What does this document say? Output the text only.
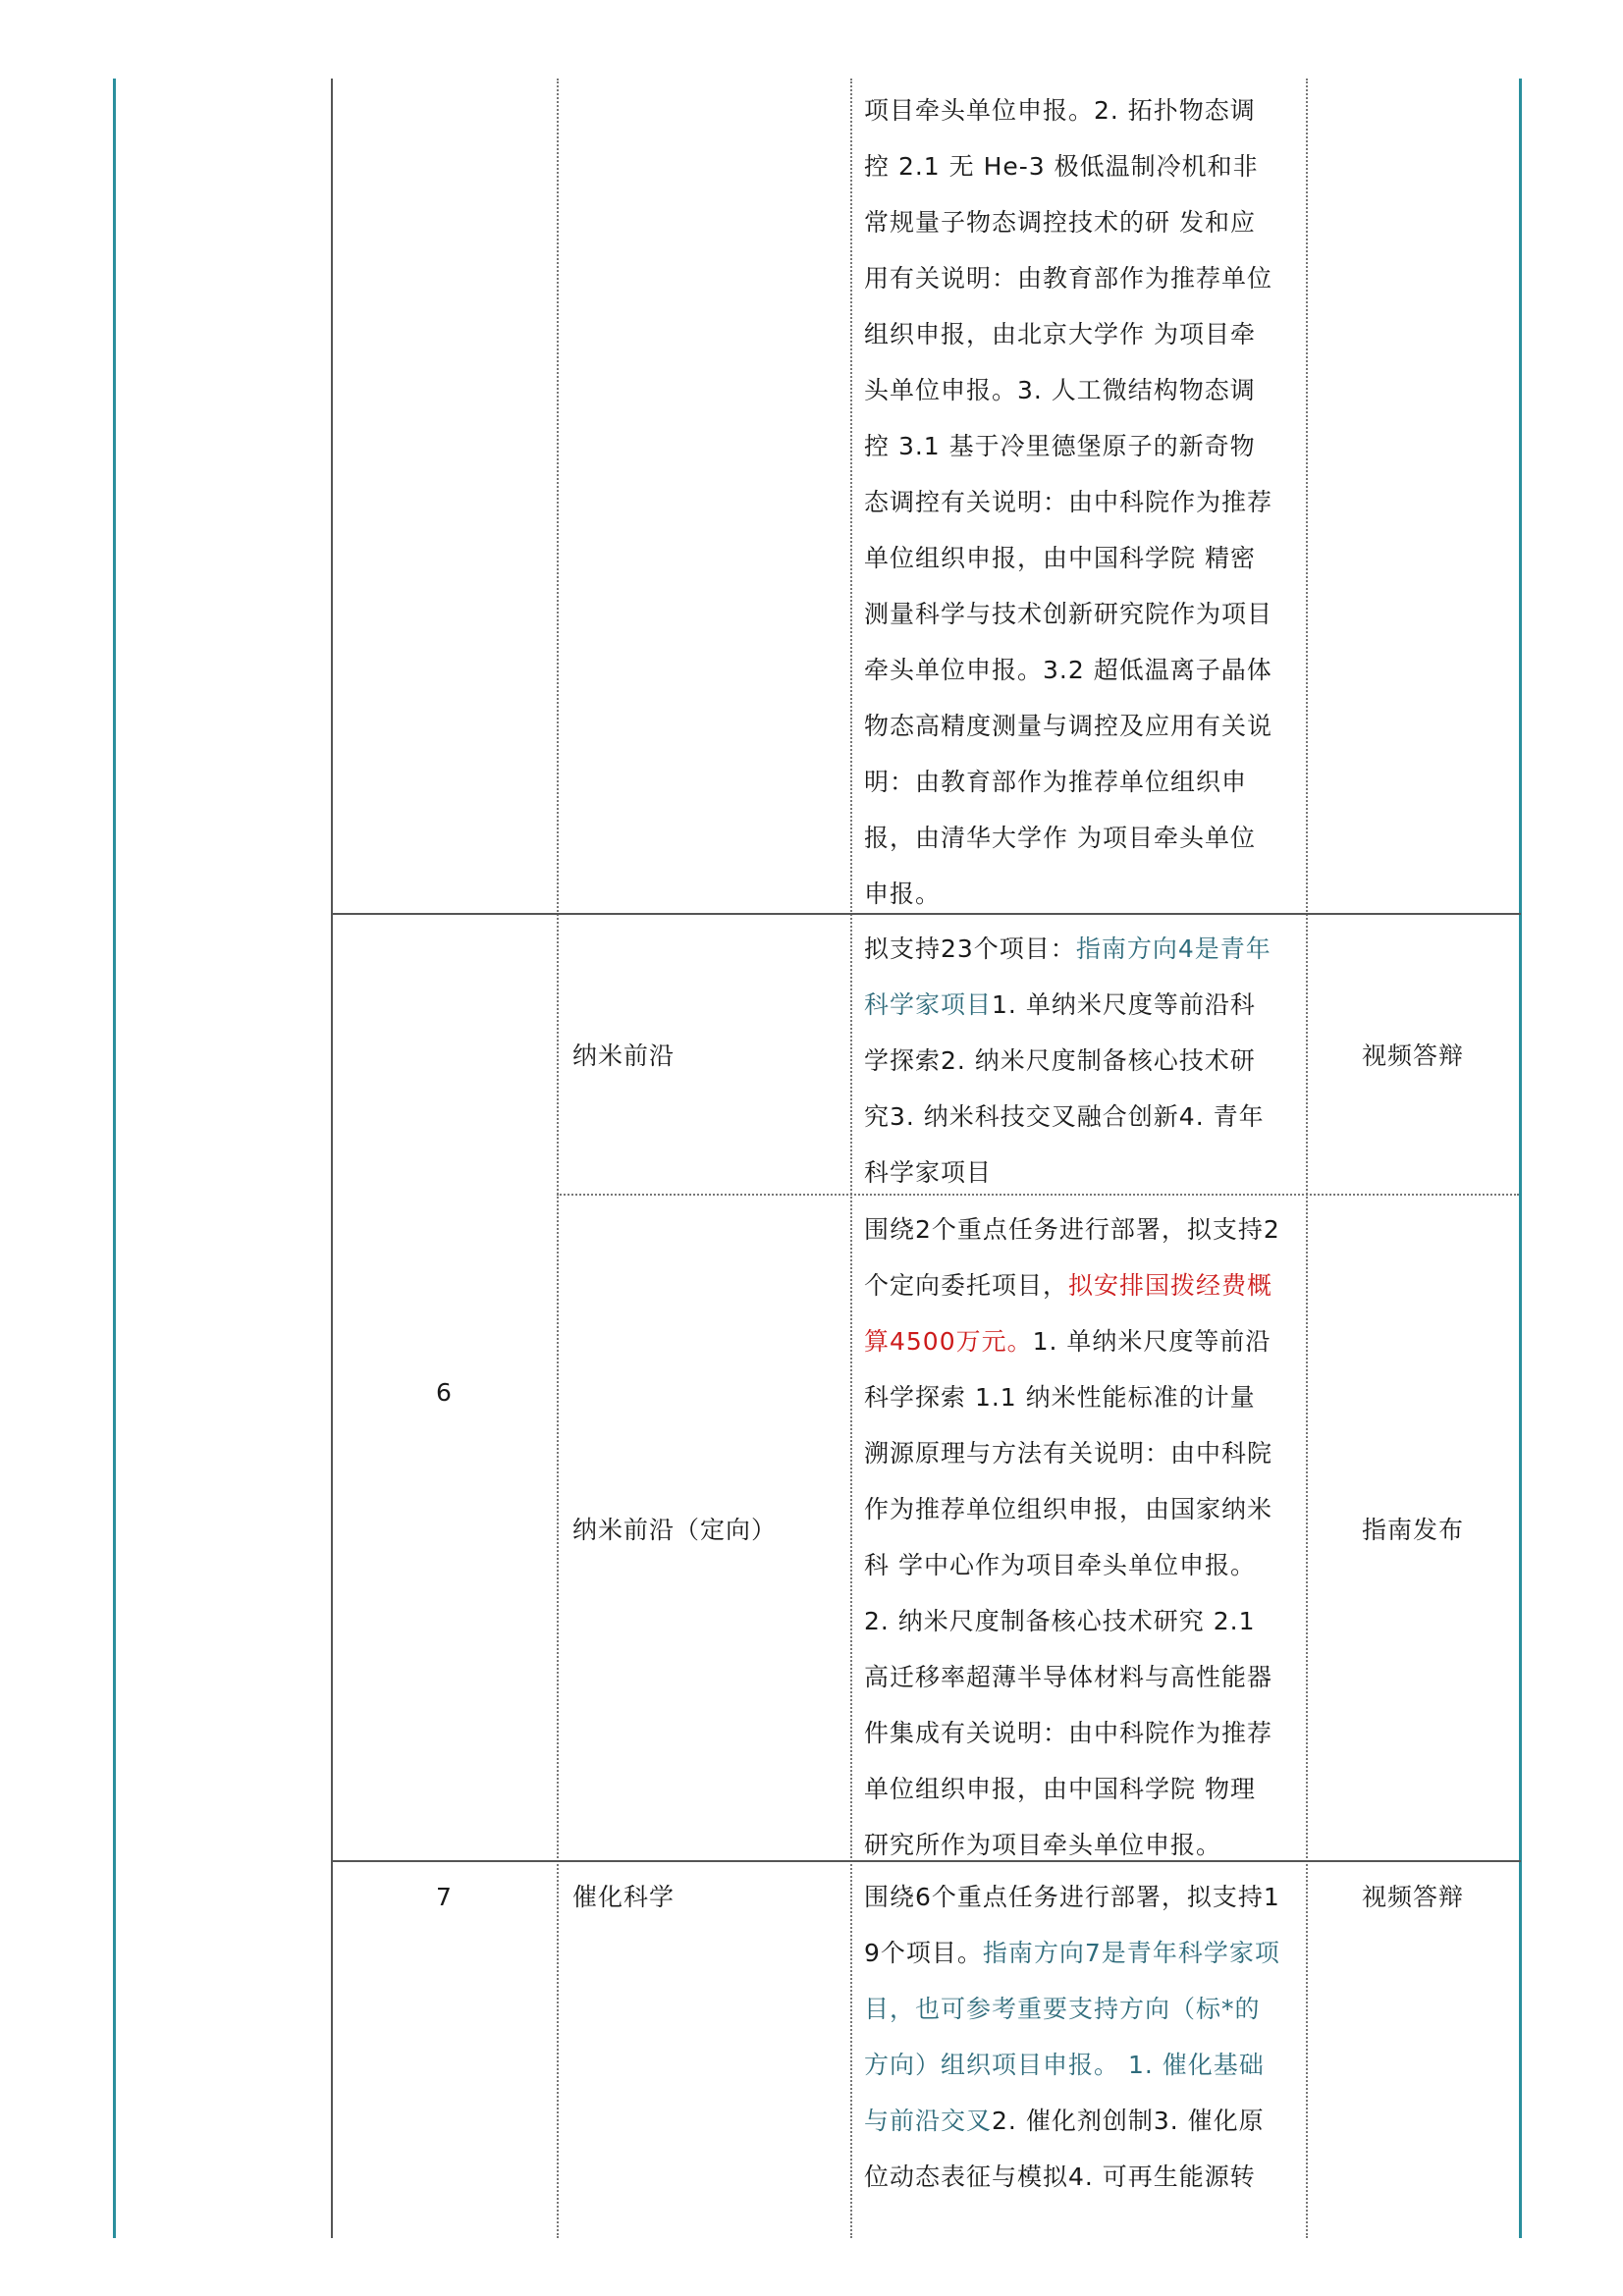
项目牵头单位申报。2. 拓扑物态调

控 2.1 无 He-3 极低温制冷机和非

常规量子物态调控技术的研 发和应

用有关说明：由教育部作为推荐单位

组织申报，由北京大学作 为项目牵

头单位申报。3. 人工微结构物态调

控 3.1 基于冷里德堡原子的新奇物

态调控有关说明：由中科院作为推荐

单位组织申报，由中国科学院 精密

测量科学与技术创新研究院作为项目

牵头单位申报。3.2 超低温离子晶体

物态高精度测量与调控及应用有关说

明：由教育部作为推荐单位组织申

报，由清华大学作 为项目牵头单位

申报。

6
纳米前沿

拟支持23个项目：指南方向4是青年

科学家项目1. 单纳米尺度等前沿科

学探索2. 纳米尺度制备核心技术研

究3. 纳米科技交叉融合创新4. 青年

科学家项目

视频答辩
纳米前沿（定向）

围绕2个重点任务进行部署，拟支持2

个定向委托项目，拟安排国拨经费概

算4500万元。1. 单纳米尺度等前沿

科学探索 1.1 纳米性能标准的计量

溯源原理与方法有关说明：由中科院

作为推荐单位组织申报，由国家纳米

科 学中心作为项目牵头单位申报。

2. 纳米尺度制备核心技术研究 2.1

高迁移率超薄半导体材料与高性能器

件集成有关说明：由中科院作为推荐

单位组织申报，由中国科学院 物理

研究所作为项目牵头单位申报。

指南发布
7	催化科学	围绕6个重点任务进行部署，拟支持1

9个项目。指南方向7是青年科学家项

目，也可参考重要支持方向（标*的

方向）组织项目申报。 1. 催化基础

与前沿交叉2. 催化剂创制3. 催化原

位动态表征与模拟4. 可再生能源转

视频答辩
